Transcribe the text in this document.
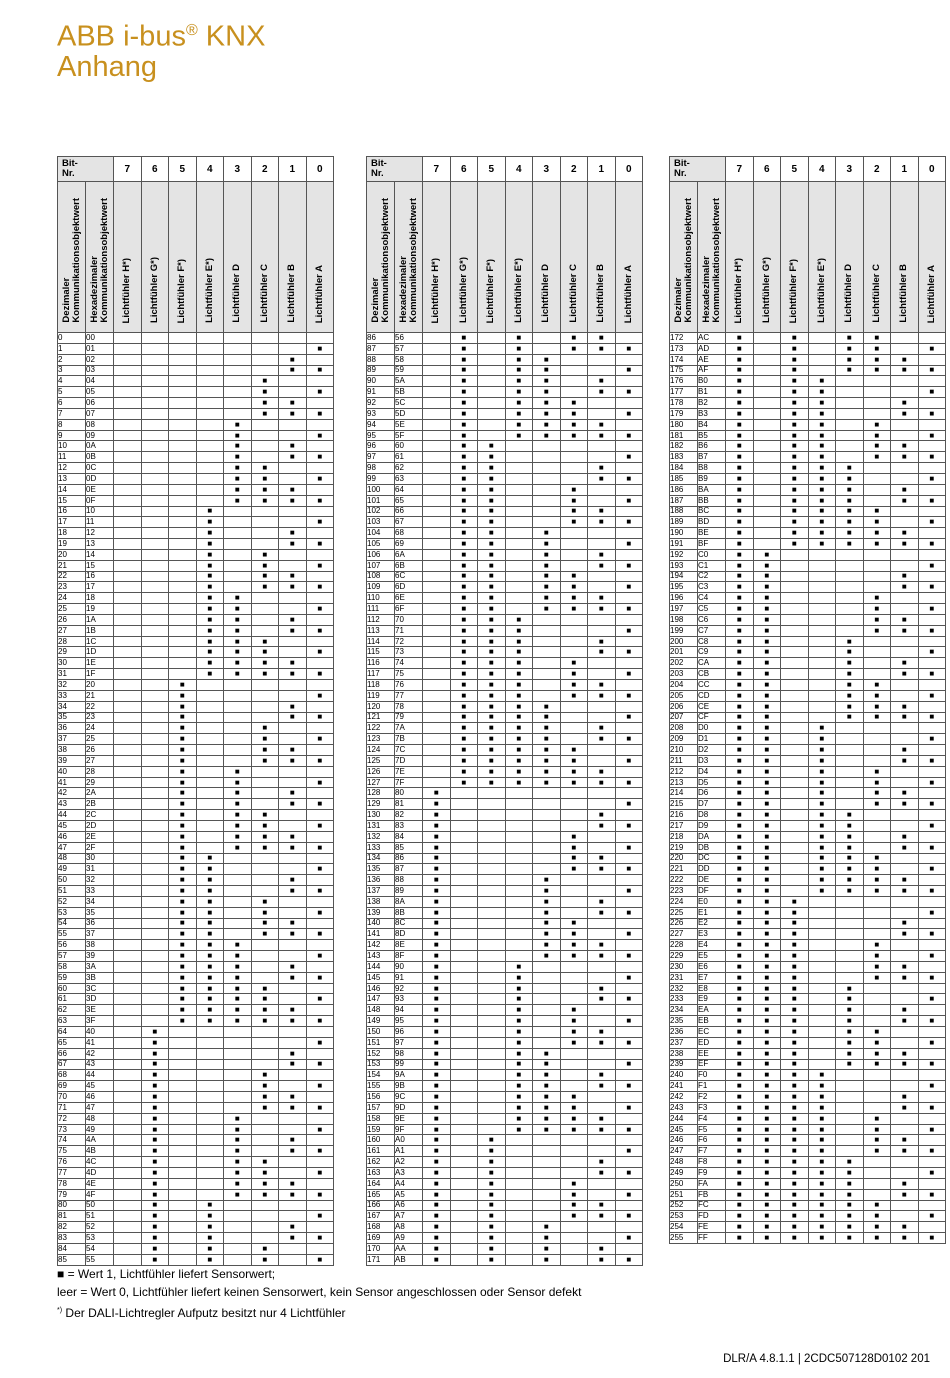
ABB i-bus® KNX
Anhang
Bit-
Nr.		7	6	5	4	3	2	1	0
Dezimaler
Kommunikationsobjektwert	Hexadezimaler
Kommunikationsobjektwert	Lichtfühler H*)	Lichtfühler G*)	Lichtfühler F*)	Lichtfühler E*)	Lichtfühler D	Lichtfühler C	Lichtfühler B	Lichtfühler A
0	00								
1	01								■
2	02							■	
3	03							■	■
4	04						■		
5	05						■		■
6	06						■	■	
7	07						■	■	■
8	08					■			
9	09					■			■
10	0A					■		■	
11	0B					■		■	■
12	0C					■	■		
13	0D					■	■		■
14	0E					■	■	■	
15	0F					■	■	■	■
16	10				■				
17	11				■				■
18	12				■			■	
19	13				■			■	■
20	14				■		■		
21	15				■		■		■
22	16				■		■	■	
23	17				■		■	■	■
24	18				■	■			
25	19				■	■			■
26	1A				■	■		■	
27	1B				■	■		■	■
28	1C				■	■	■		
29	1D				■	■	■		■
30	1E				■	■	■	■	
31	1F				■	■	■	■	■
32	20			■					
33	21			■					■
34	22			■				■	
35	23			■				■	■
36	24			■			■		
37	25			■			■		■
38	26			■			■	■	
39	27			■			■	■	■
40	28			■		■			
41	29			■		■			■
42	2A			■		■		■	
43	2B			■		■		■	■
44	2C			■		■	■		
45	2D			■		■	■		■
46	2E			■		■	■	■	
47	2F			■		■	■	■	■
48	30			■	■				
49	31			■	■				■
50	32			■	■			■	
51	33			■	■			■	■
52	34			■	■		■		
53	35			■	■		■		■
54	36			■	■		■	■	
55	37			■	■		■	■	■
56	38			■	■	■			
57	39			■	■	■			■
58	3A			■	■	■		■	
59	3B			■	■	■		■	■
60	3C			■	■	■	■		
61	3D			■	■	■	■		■
62	3E			■	■	■	■	■	
63	3F			■	■	■	■	■	■
64	40		■						
65	41		■						■
66	42		■					■	
67	43		■					■	■
68	44		■				■		
69	45		■				■		■
70	46		■				■	■	
71	47		■				■	■	■
72	48		■			■			
73	49		■			■			■
74	4A		■			■		■	
75	4B		■			■		■	■
76	4C		■			■	■		
77	4D		■			■	■		■
78	4E		■			■	■	■	
79	4F		■			■	■	■	■
80	50		■		■				
81	51		■		■				■
82	52		■		■			■	
83	53		■		■			■	■
84	54		■		■		■		
85	55		■		■		■		■
Bit-
Nr.		7	6	5	4	3	2	1	0
Dezimaler
Kommunikationsobjektwert	Hexadezimaler
Kommunikationsobjektwert	Lichtfühler H*)	Lichtfühler G*)	Lichtfühler F*)	Lichtfühler E*)	Lichtfühler D	Lichtfühler C	Lichtfühler B	Lichtfühler A
86	56		■		■		■	■	
87	57		■		■		■	■	■
88	58		■		■	■			
89	59		■		■	■			■
90	5A		■		■	■		■	
91	5B		■		■	■		■	■
92	5C		■		■	■	■		
93	5D		■		■	■	■		■
94	5E		■		■	■	■	■	
95	5F		■		■	■	■	■	■
96	60		■	■					
97	61		■	■					■
98	62		■	■				■	
99	63		■	■				■	■
100	64		■	■			■		
101	65		■	■			■		■
102	66		■	■			■	■	
103	67		■	■			■	■	■
104	68		■	■		■			
105	69		■	■		■			■
106	6A		■	■		■		■	
107	6B		■	■		■		■	■
108	6C		■	■		■	■		
109	6D		■	■		■	■		■
110	6E		■	■		■	■	■	
111	6F		■	■		■	■	■	■
112	70		■	■	■				
113	71		■	■	■				■
114	72		■	■	■			■	
115	73		■	■	■			■	■
116	74		■	■	■		■		
117	75		■	■	■		■		■
118	76		■	■	■		■	■	
119	77		■	■	■		■	■	■
120	78		■	■	■	■			
121	79		■	■	■	■			■
122	7A		■	■	■	■		■	
123	7B		■	■	■	■		■	■
124	7C		■	■	■	■	■		
125	7D		■	■	■	■	■		■
126	7E		■	■	■	■	■	■	
127	7F		■	■	■	■	■	■	■
128	80	■							
129	81	■							■
130	82	■						■	
131	83	■						■	■
132	84	■					■		
133	85	■					■		■
134	86	■					■	■	
135	87	■					■	■	■
136	88	■				■			
137	89	■				■			■
138	8A	■				■		■	
139	8B	■				■		■	■
140	8C	■				■	■		
141	8D	■				■	■		■
142	8E	■				■	■	■	
143	8F	■				■	■	■	■
144	90	■			■				
145	91	■			■				■
146	92	■			■			■	
147	93	■			■			■	■
148	94	■			■		■		
149	95	■			■		■		■
150	96	■			■		■	■	
151	97	■			■		■	■	■
152	98	■			■	■			
153	99	■			■	■			■
154	9A	■			■	■		■	
155	9B	■			■	■		■	■
156	9C	■			■	■	■		
157	9D	■			■	■	■		■
158	9E	■			■	■	■	■	
159	9F	■			■	■	■	■	■
160	A0	■		■					
161	A1	■		■					■
162	A2	■		■				■	
163	A3	■		■				■	■
164	A4	■		■			■		
165	A5	■		■			■		■
166	A6	■		■			■	■	
167	A7	■		■			■	■	■
168	A8	■		■		■			
169	A9	■		■		■			■
170	AA	■		■		■		■	
171	AB	■		■		■		■	■
Bit-
Nr.		7	6	5	4	3	2	1	0
Dezimaler
Kommunikationsobjektwert	Hexadezimaler
Kommunikationsobjektwert	Lichtfühler H*)	Lichtfühler G*)	Lichtfühler F*)	Lichtfühler E*)	Lichtfühler D	Lichtfühler C	Lichtfühler B	Lichtfühler A
172	AC	■		■		■	■		
173	AD	■		■		■	■		■
174	AE	■		■		■	■	■	
175	AF	■		■		■	■	■	■
176	B0	■		■	■				
177	B1	■		■	■				■
178	B2	■		■	■			■	
179	B3	■		■	■			■	■
180	B4	■		■	■		■		
181	B5	■		■	■		■		■
182	B6	■		■	■		■	■	
183	B7	■		■	■		■	■	■
184	B8	■		■	■	■			
185	B9	■		■	■	■			■
186	BA	■		■	■	■		■	
187	BB	■		■	■	■		■	■
188	BC	■		■	■	■	■		
189	BD	■		■	■	■	■		■
190	BE	■		■	■	■	■	■	
191	BF	■		■	■	■	■	■	■
192	C0	■	■						
193	C1	■	■						■
194	C2	■	■					■	
195	C3	■	■					■	■
196	C4	■	■				■		
197	C5	■	■				■		■
198	C6	■	■				■	■	
199	C7	■	■				■	■	■
200	C8	■	■			■			
201	C9	■	■			■			■
202	CA	■	■			■		■	
203	CB	■	■			■		■	■
204	CC	■	■			■	■		
205	CD	■	■			■	■		■
206	CE	■	■			■	■	■	
207	CF	■	■			■	■	■	■
208	D0	■	■		■				
209	D1	■	■		■				■
210	D2	■	■		■			■	
211	D3	■	■		■			■	■
212	D4	■	■		■		■		
213	D5	■	■		■		■		■
214	D6	■	■		■		■	■	
215	D7	■	■		■		■	■	■
216	D8	■	■		■	■			
217	D9	■	■		■	■			■
218	DA	■	■		■	■		■	
219	DB	■	■		■	■		■	■
220	DC	■	■		■	■	■		
221	DD	■	■		■	■	■		■
222	DE	■	■		■	■	■	■	
223	DF	■	■		■	■	■	■	■
224	E0	■	■	■					
225	E1	■	■	■					■
226	E2	■	■	■				■	
227	E3	■	■	■				■	■
228	E4	■	■	■			■		
229	E5	■	■	■			■		■
230	E6	■	■	■			■	■	
231	E7	■	■	■			■	■	■
232	E8	■	■	■		■			
233	E9	■	■	■		■			■
234	EA	■	■	■		■		■	
235	EB	■	■	■		■		■	■
236	EC	■	■	■		■	■		
237	ED	■	■	■		■	■		■
238	EE	■	■	■		■	■	■	
239	EF	■	■	■		■	■	■	■
240	F0	■	■	■	■				
241	F1	■	■	■	■				■
242	F2	■	■	■	■			■	
243	F3	■	■	■	■			■	■
244	F4	■	■	■	■		■		
245	F5	■	■	■	■		■		■
246	F6	■	■	■	■		■	■	
247	F7	■	■	■	■		■	■	■
248	F8	■	■	■	■	■			
249	F9	■	■	■	■	■			■
250	FA	■	■	■	■	■		■	
251	FB	■	■	■	■	■		■	■
252	FC	■	■	■	■	■	■		
253	FD	■	■	■	■	■	■		■
254	FE	■	■	■	■	■	■	■	
255	FF	■	■	■	■	■	■	■	■
■ = Wert 1, Lichtfühler liefert Sensorwert;
leer = Wert 0, Lichtfühler liefert keinen Sensorwert, kein Sensor angeschlossen oder Sensor defekt
*) Der DALI-Lichtregler Aufputz besitzt nur 4 Lichtfühler
DLR/A 4.8.1.1 | 2CDC507128D0102 201
